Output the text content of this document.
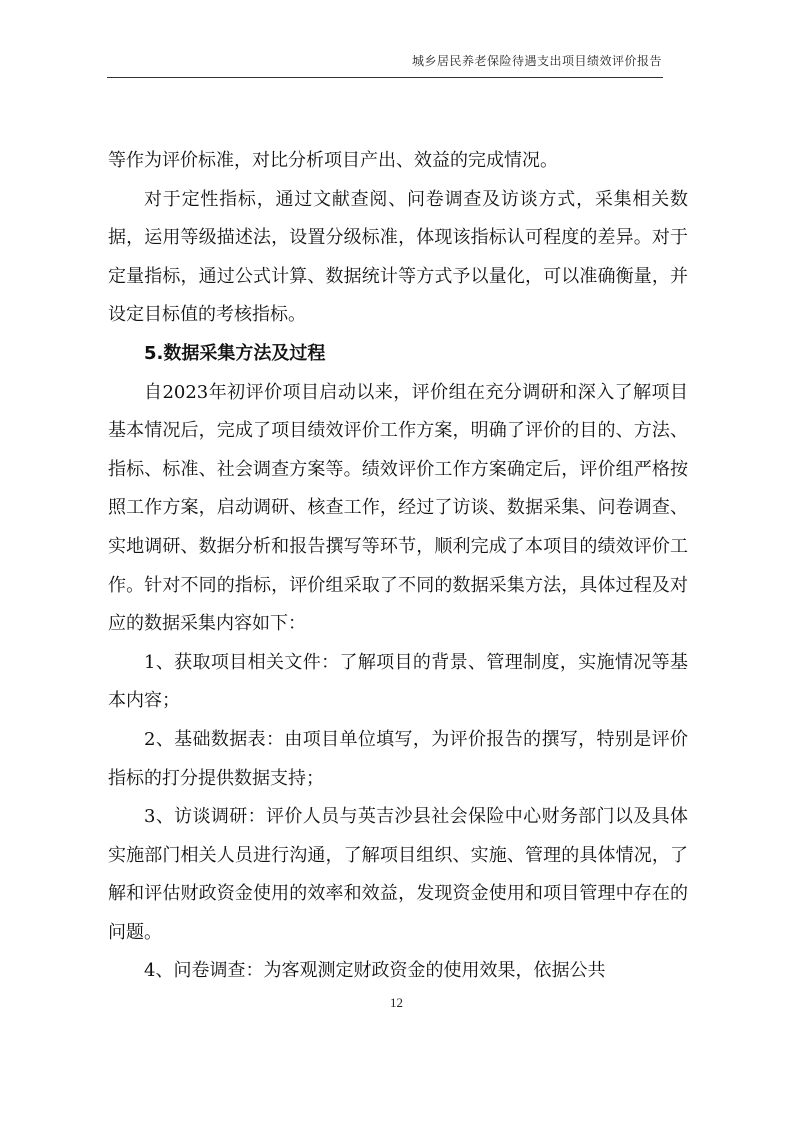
城乡居民养老保险待遇支出项目绩效评价报告

等作为评价标准，对比分析项目产出、效益的完成情况。

对于定性指标，通过文献查阅、问卷调查及访谈方式，采集相关数据，运用等级描述法，设置分级标准，体现该指标认可程度的差异。对于定量指标，通过公式计算、数据统计等方式予以量化，可以准确衡量，并设定目标值的考核指标。

5.数据采集方法及过程

自2023年初评价项目启动以来，评价组在充分调研和深入了解项目基本情况后，完成了项目绩效评价工作方案，明确了评价的目的、方法、指标、标准、社会调查方案等。绩效评价工作方案确定后，评价组严格按照工作方案，启动调研、核查工作，经过了访谈、数据采集、问卷调查、实地调研、数据分析和报告撰写等环节，顺利完成了本项目的绩效评价工作。针对不同的指标，评价组采取了不同的数据采集方法，具体过程及对应的数据采集内容如下：

1、获取项目相关文件：了解项目的背景、管理制度，实施情况等基本内容；

2、基础数据表：由项目单位填写，为评价报告的撰写，特别是评价指标的打分提供数据支持；

3、访谈调研：评价人员与英吉沙县社会保险中心财务部门以及具体实施部门相关人员进行沟通，了解项目组织、实施、管理的具体情况，了解和评估财政资金使用的效率和效益，发现资金使用和项目管理中存在的问题。

4、问卷调查：为客观测定财政资金的使用效果，依据公共

12
